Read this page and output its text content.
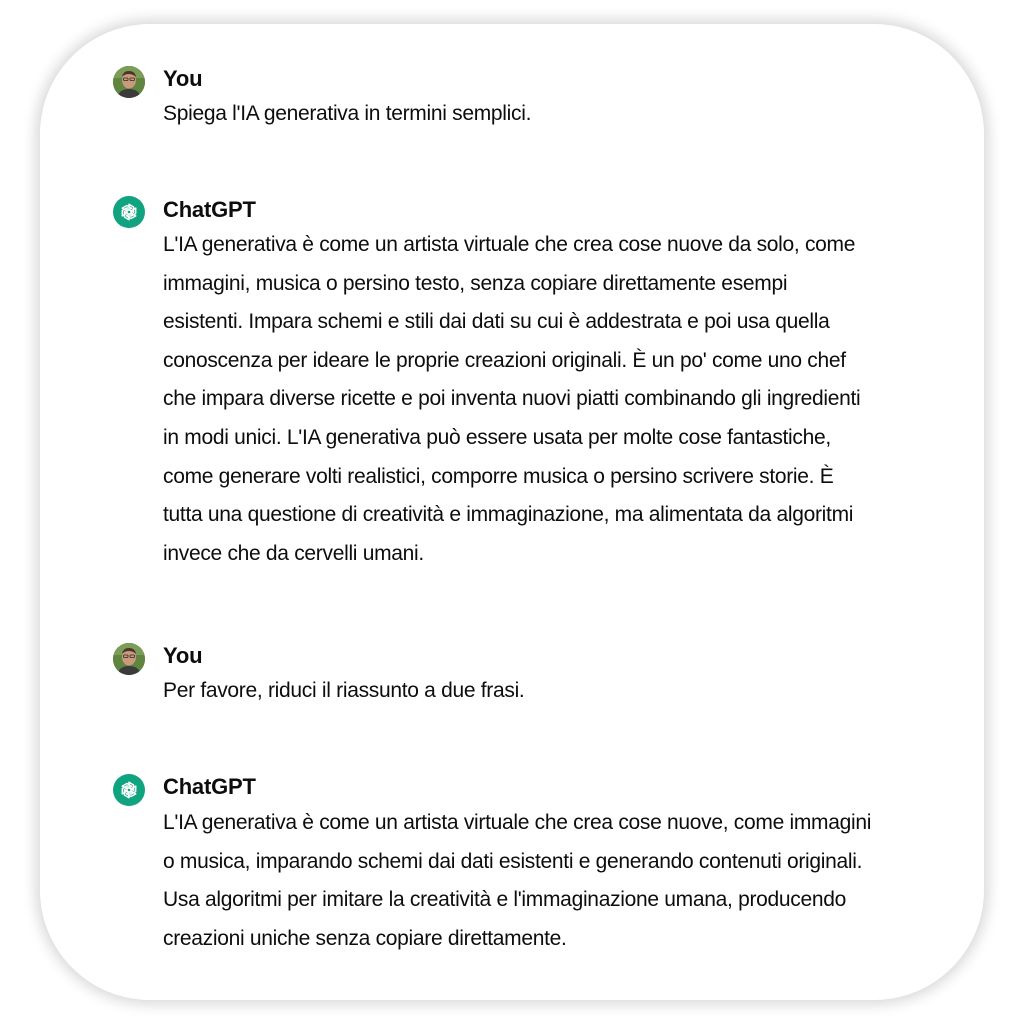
You
Spiega l'IA generativa in termini semplici.
ChatGPT
L'IA generativa è come un artista virtuale che crea cose nuove da solo, come
immagini, musica o persino testo, senza copiare direttamente esempi
esistenti. Impara schemi e stili dai dati su cui è addestrata e poi usa quella
conoscenza per ideare le proprie creazioni originali. È un po' come uno chef
che impara diverse ricette e poi inventa nuovi piatti combinando gli ingredienti
in modi unici. L'IA generativa può essere usata per molte cose fantastiche,
come generare volti realistici, comporre musica o persino scrivere storie. È
tutta una questione di creatività e immaginazione, ma alimentata da algoritmi
invece che da cervelli umani.
You
Per favore, riduci il riassunto a due frasi.
ChatGPT
L'IA generativa è come un artista virtuale che crea cose nuove, come immagini
o musica, imparando schemi dai dati esistenti e generando contenuti originali.
Usa algoritmi per imitare la creatività e l'immaginazione umana, producendo
creazioni uniche senza copiare direttamente.
